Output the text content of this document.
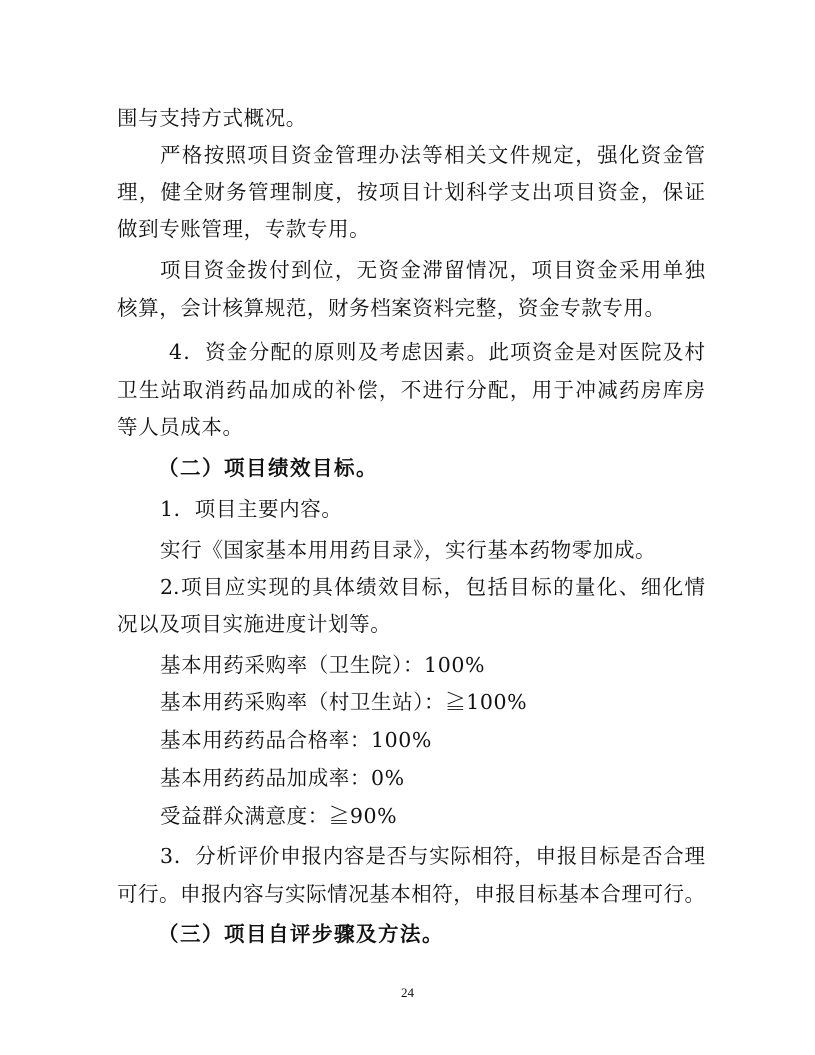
围与支持方式概况。
严格按照项目资金管理办法等相关文件规定，强化资金管
理，健全财务管理制度，按项目计划科学支出项目资金，保证
做到专账管理，专款专用。
项目资金拨付到位，无资金滞留情况，项目资金采用单独
核算，会计核算规范，财务档案资料完整，资金专款专用。
4．资金分配的原则及考虑因素。此项资金是对医院及村
卫生站取消药品加成的补偿，不进行分配，用于冲减药房库房
等人员成本。
（二）项目绩效目标。
1．项目主要内容。
实行《国家基本用用药目录》，实行基本药物零加成。
2.项目应实现的具体绩效目标，包括目标的量化、细化情
况以及项目实施进度计划等。
基本用药采购率（卫生院）：100%
基本用药采购率（村卫生站）：≧100%
基本用药药品合格率：100%
基本用药药品加成率：0%
受益群众满意度：≧90%
3．分析评价申报内容是否与实际相符，申报目标是否合理
可行。申报内容与实际情况基本相符，申报目标基本合理可行。
（三）项目自评步骤及方法。
24
